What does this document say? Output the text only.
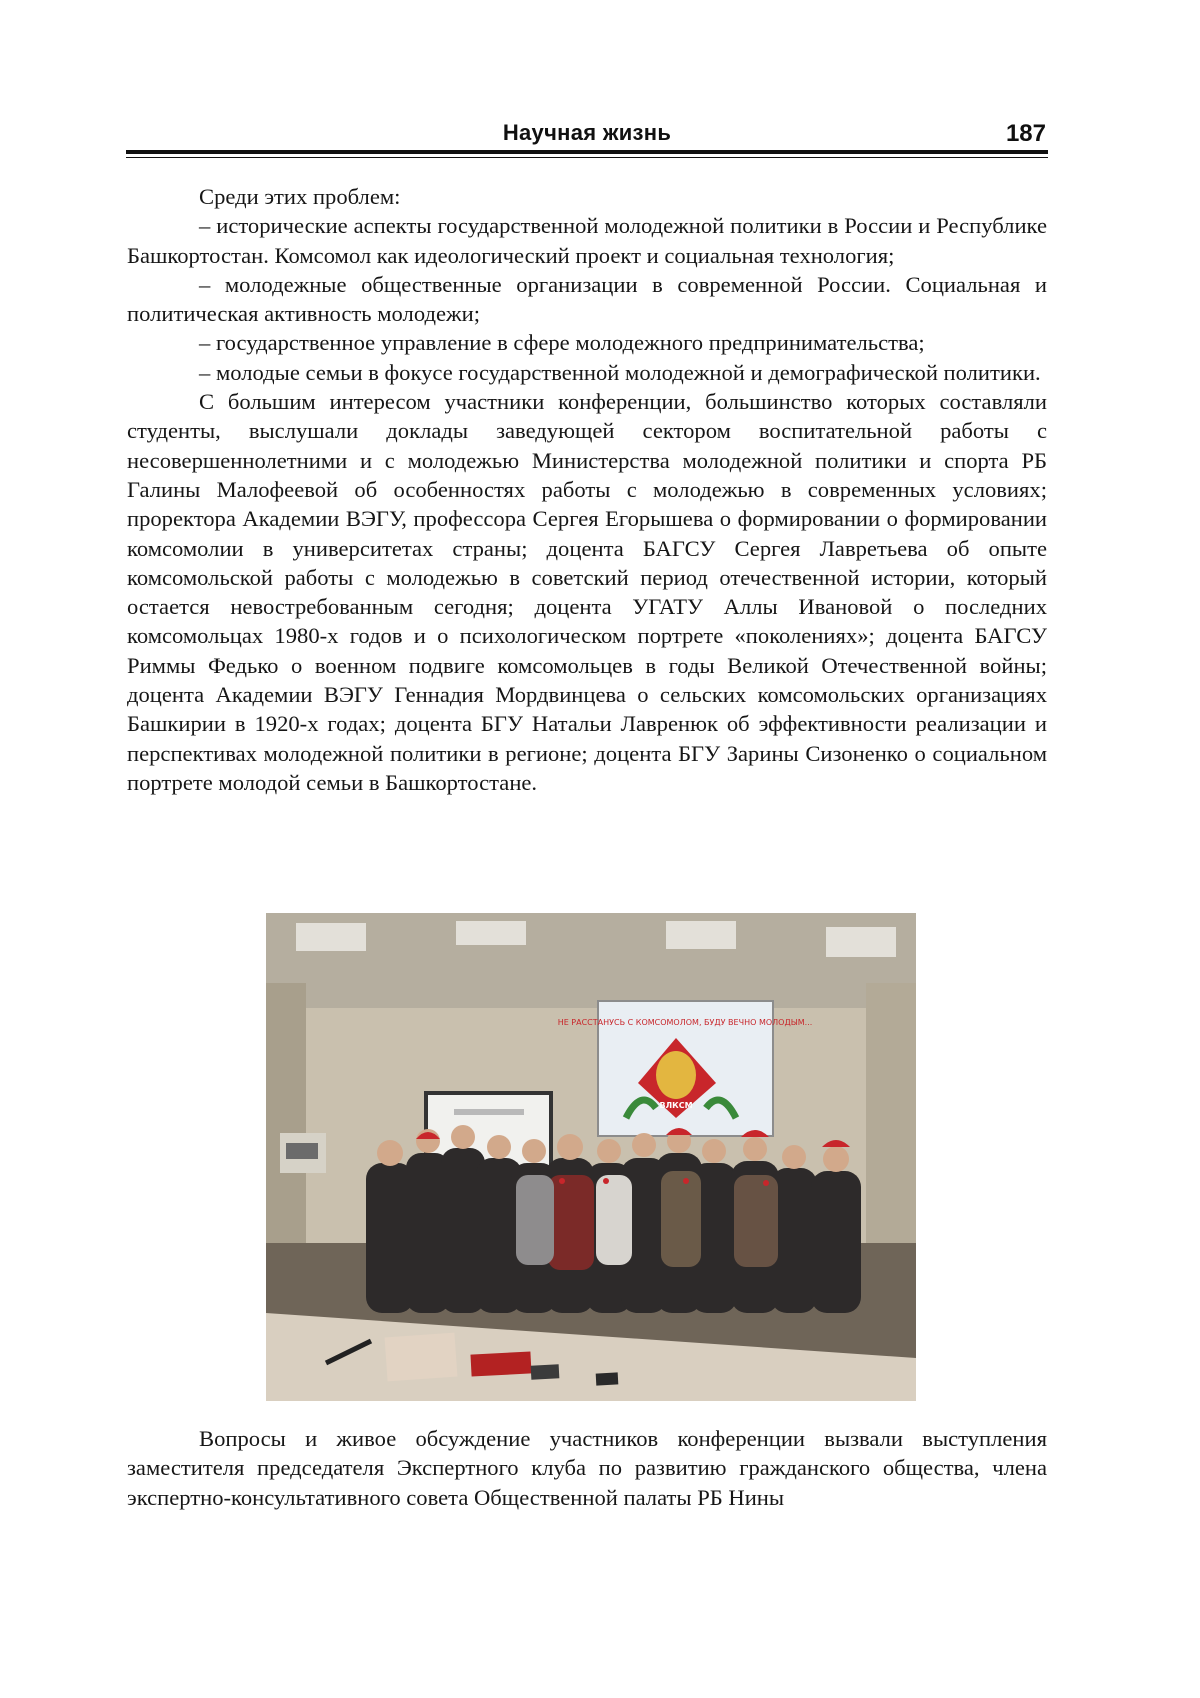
Научная жизнь	187

Среди этих проблем:

– исторические аспекты государственной молодежной политики в России и Республике Башкортостан. Комсомол как идеологический проект и социальная технология;

– молодежные общественные организации в современной России. Социальная и политическая активность молодежи;

– государственное управление в сфере молодежного предпринимательства;

– молодые семьи в фокусе государственной молодежной и демографической политики.

С большим интересом участники конференции, большинство которых составляли студенты, выслушали доклады заведующей сектором воспитательной работы с несовершеннолетними и с молодежью Министерства молодежной политики и спорта РБ Галины Малофеевой об особенностях работы с молодежью в современных условиях; проректора Академии ВЭГУ, профессора Сергея Егорышева о формировании о формировании комсомолии в университетах страны; доцента БАГСУ Сергея Лавретьева об опыте комсомольской работы с молодежью в советский период отечественной истории, который остается невостребованным сегодня; доцента УГАТУ Аллы Ивановой о последних комсомольцах 1980-х годов и о психологическом портрете «поколениях»; доцента БАГСУ Риммы Федько о военном подвиге комсомольцев в годы Великой Отечественной войны; доцента Академии ВЭГУ Геннадия Мордвинцева о сельских комсомольских организациях Башкирии в 1920-х годах; доцента БГУ Натальи Лавренюк об эффективности реализации и перспективах молодежной политики в регионе; доцента БГУ Зарины Сизоненко о социальном портрете молодой семьи в Башкортостане.

НЕ РАССТАНУСЬ С КОМСОМОЛОМ, БУДУ ВЕЧНО МОЛОДЫМ...
ВЛКСМ

Вопросы и живое обсуждение участников конференции вызвали выступления заместителя председателя Экспертного клуба по развитию гражданского общества, члена экспертно-консультативного совета Общественной палаты РБ Нины
